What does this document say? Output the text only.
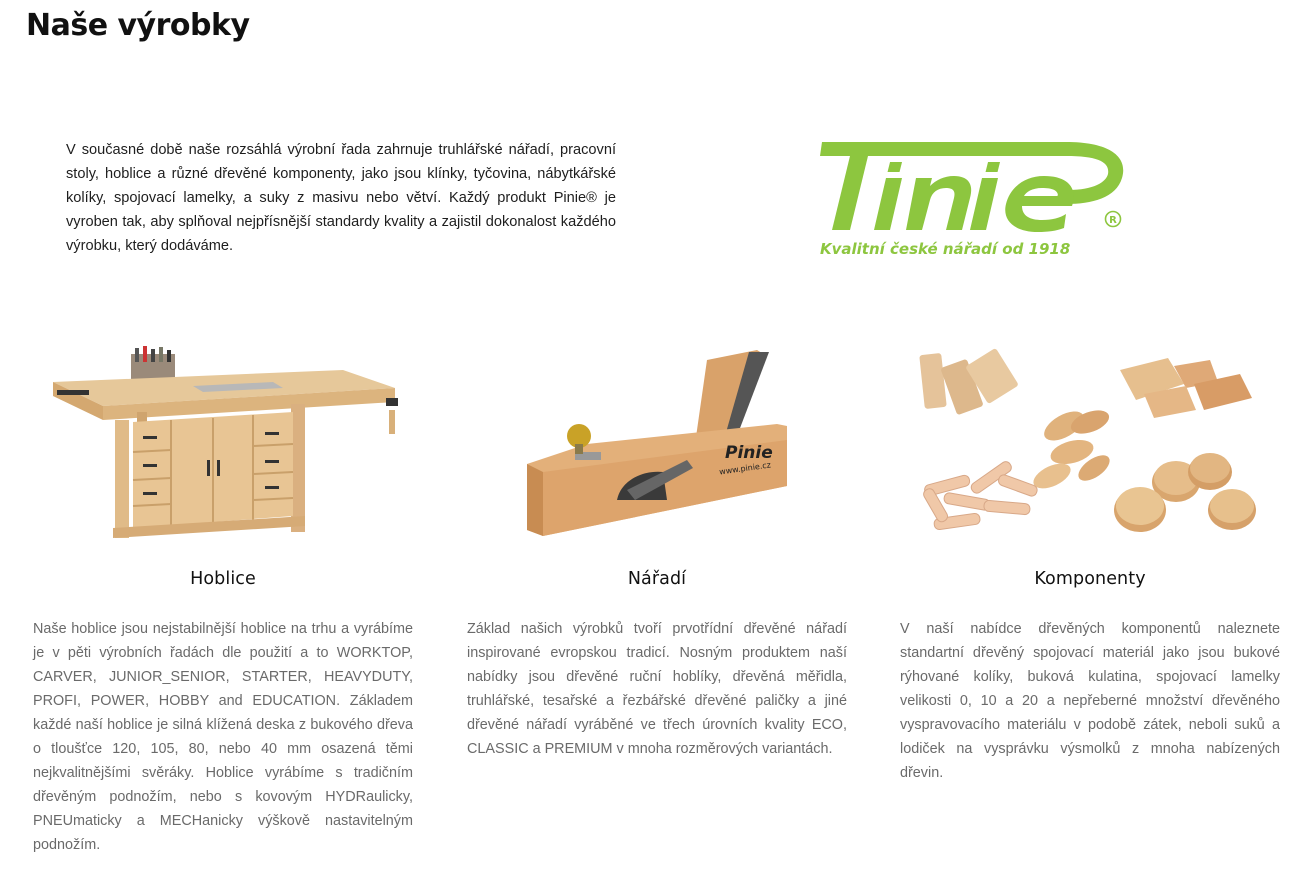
Naše výrobky

V současné době naše rozsáhlá výrobní řada zahrnuje truhlářské nářadí, pracovní stoly, hoblice a různé dřevěné komponenty, jako jsou klínky, tyčovina, nábytkářské kolíky, spojovací lamelky, a suky z masivu nebo větví. Každý produkt Pinie® je vyroben tak, aby splňoval nejpřísnější standardy kvality a zajistil dokonalost každého výrobku, který dodáváme.

R
Kvalitní české nářadí od 1918
Hoblice

Naše hoblice jsou nejstabilnější hoblice na trhu a vyrábíme je v pěti výrobních řadách dle použití a to WORKTOP, CARVER, JUNIOR_SENIOR, STARTER, HEAVYDUTY, PROFI, POWER, HOBBY and EDUCATION. Základem každé naší hoblice je silná klížená deska z bukového dřeva o tloušťce 120, 105, 80, nebo 40 mm osazená těmi nejkvalitnějšími svěráky. Hoblice vyrábíme s tradičním dřevěným podnožím, nebo s kovovým HYDRaulicky, PNEUmaticky a MECHanicky výškově nastavitelným podnožím.

Pinie
www.pinie.cz
Nářadí

Základ našich výrobků tvoří prvotřídní dřevěné nářadí inspirované evropskou tradicí. Nosným produktem naší nabídky jsou dřevěné ruční hoblíky, dřevěná měřidla, truhlářské, tesařské a řezbářské dřevěné paličky a jiné dřevěné nářadí vyráběné ve třech úrovních kvality ECO, CLASSIC a PREMIUM v mnoha rozměrových variantách.

Komponenty

V naší nabídce dřevěných komponentů naleznete standartní dřevěný spojovací materiál jako jsou bukové rýhované kolíky, buková kulatina, spojovací lamelky velikosti 0, 10 a 20 a nepřeberné množství dřevěného vyspravovacího materiálu v podobě zátek, neboli suků a lodiček na vysprávku výsmolků z mnoha nabízených dřevin.
